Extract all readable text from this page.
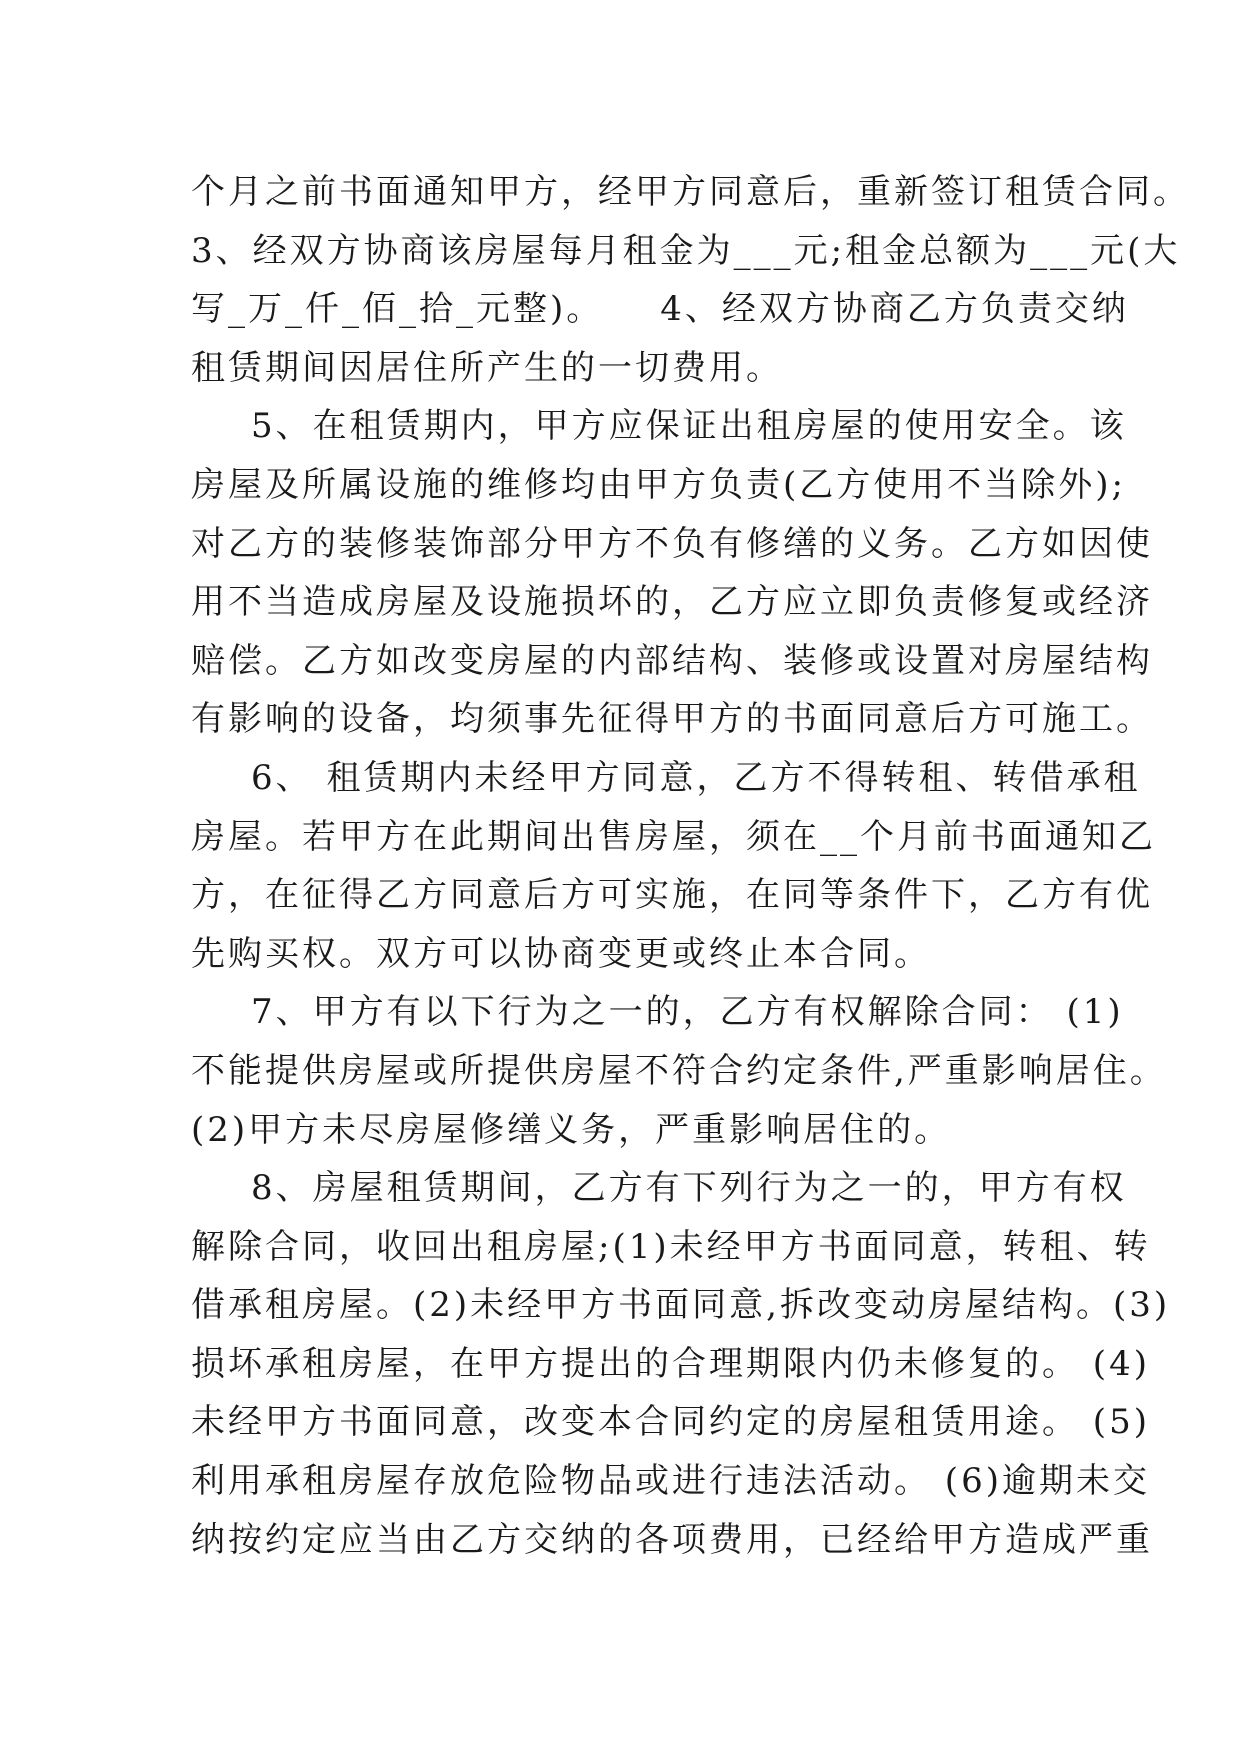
个月之前书面通知甲方，经甲方同意后，重新签订租赁合同。
3、经双方协商该房屋每月租金为___元;租金总额为___元(大
写_万_仟_佰_拾_元整)。　　4、经双方协商乙方负责交纳
租赁期间因居住所产生的一切费用。
5、在租赁期内，甲方应保证出租房屋的使用安全。该
房屋及所属设施的维修均由甲方负责(乙方使用不当除外);
对乙方的装修装饰部分甲方不负有修缮的义务。乙方如因使
用不当造成房屋及设施损坏的，乙方应立即负责修复或经济
赔偿。乙方如改变房屋的内部结构、装修或设置对房屋结构
有影响的设备，均须事先征得甲方的书面同意后方可施工。
6、 租赁期内未经甲方同意，乙方不得转租、转借承租
房屋。若甲方在此期间出售房屋，须在__个月前书面通知乙
方，在征得乙方同意后方可实施，在同等条件下，乙方有优
先购买权。双方可以协商变更或终止本合同。
7、甲方有以下行为之一的，乙方有权解除合同： (1)
不能提供房屋或所提供房屋不符合约定条件,严重影响居住。
(2)甲方未尽房屋修缮义务，严重影响居住的。
8、房屋租赁期间，乙方有下列行为之一的，甲方有权
解除合同，收回出租房屋;(1)未经甲方书面同意，转租、转
借承租房屋。(2)未经甲方书面同意,拆改变动房屋结构。(3)
损坏承租房屋，在甲方提出的合理期限内仍未修复的。 (4)
未经甲方书面同意，改变本合同约定的房屋租赁用途。 (5)
利用承租房屋存放危险物品或进行违法活动。 (6)逾期未交
纳按约定应当由乙方交纳的各项费用，已经给甲方造成严重
